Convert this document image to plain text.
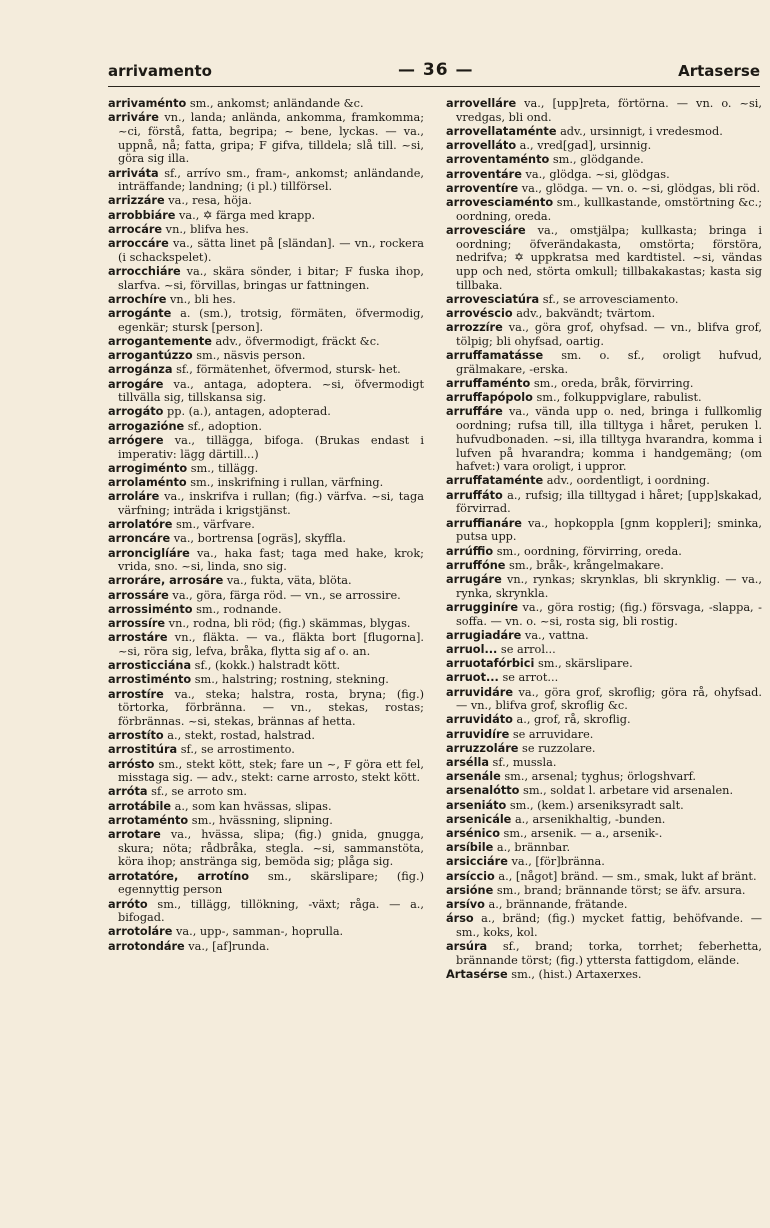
arrivamento	— 36 —	Artaserse

arrivaménto sm., ankomst; anländande &c.

arriváre vn., landa; anlända, ankomma, framkomma; ~ci, förstå, fatta, begripa; ~ bene, lyckas. — va., uppnå, nå; fatta, gripa; F gifva, tilldela; slå till. ~si, göra sig illa.

arriváta sf., arrívo sm., fram-, ankomst; anländande, inträffande; landning; (i pl.) tillförsel.

arrizzáre va., resa, höja.

arrobbiáre va., ✡ färga med krapp.

arrocáre vn., blifva hes.

arroccáre va., sätta linet på [sländan]. — vn., rockera (i schackspelet).

arrocchiáre va., skära sönder, i bitar; F fuska ihop, slarfva. ~si, förvillas, bringas ur fattningen.

arrochíre vn., bli hes.

arrogánte a. (sm.), trotsig, förmäten, öfvermodig, egenkär; stursk [person].

arrogantemente adv., öfvermodigt, fräckt &c.

arrogantúzzo sm., näsvis person.

arrogánza sf., förmätenhet, öfvermod, stursk- het.

arrogáre va., antaga, adoptera. ~si, öfvermodigt tillvälla sig, tillskansa sig.

arrogáto pp. (a.), antagen, adopterad.

arrogazióne sf., adoption.

arrógere va., tillägga, bifoga. (Brukas endast i imperativ: lägg därtill...)

arrogiménto sm., tillägg.

arrolaménto sm., inskrifning i rullan, värfning.

arroláre va., inskrifva i rullan; (fig.) värfva. ~si, taga värfning; inträda i krigstjänst.

arrolatóre sm., värfvare.

arroncáre va., bortrensa [ogräs], skyffla.

arronciglíáre va., haka fast; taga med hake, krok; vrida, sno. ~si, linda, sno sig.

arroráre, arrosáre va., fukta, väta, blöta.

arrossáre va., göra, färga röd. — vn., se arrossire.

arrossiménto sm., rodnande.

arrossíre vn., rodna, bli röd; (fig.) skämmas, blygas.

arrostáre vn., fläkta. — va., fläkta bort [flugorna]. ~si, röra sig, lefva, bråka, flytta sig af o. an.

arrosticciána sf., (kokk.) halstradt kött.

arrostiménto sm., halstring; rostning, stekning.

arrostíre va., steka; halstra, rosta, bryna; (fig.) törtorka, förbränna. — vn., stekas, rostas; förbrännas. ~si, stekas, brännas af hetta.

arrostíto a., stekt, rostad, halstrad.

arrostitúra sf., se arrostimento.

arrósto sm., stekt kött, stek; fare un ~, F göra ett fel, misstaga sig. — adv., stekt: carne arrosto, stekt kött.

arróta sf., se arroto sm.

arrotábile a., som kan hvässas, slipas.

arrotaménto sm., hvässning, slipning.

arrotare va., hvässa, slipa; (fig.) gnida, gnugga, skura; nöta; rådbråka, stegla. ~si, sammanstöta, köra ihop; anstränga sig, bemöda sig; plåga sig.

arrotatóre, arrotíno sm., skärslipare; (fig.) egennyttig person

arróto sm., tillägg, tillökning, -växt; råga. — a., bifogad.

arrotoláre va., upp-, samman-, hoprulla.

arrotondáre va., [af]runda.

arrovelláre va., [upp]reta, förtörna. — vn. o. ~si, vredgas, bli ond.

arrovellataménte adv., ursinnigt, i vredesmod.

arrovelláto a., vred[gad], ursinnig.

arroventaménto sm., glödgande.

arroventáre va., glödga. ~si, glödgas.

arroventíre va., glödga. — vn. o. ~si, glödgas, bli röd.

arrovesciaménto sm., kullkastande, omstörtning &c.; oordning, oreda.

arrovesciáre va., omstjälpa; kullkasta; bringa i oordning; öfverändakasta, omstörta; förstöra, nedrifva; ✡ uppkratsa med kardtistel. ~si, vändas upp och ned, störta omkull; tillbakakastas; kasta sig tillbaka.

arrovesciatúra sf., se arrovesciamento.

arrovéscio adv., bakvändt; tvärtom.

arrozzíre va., göra grof, ohyfsad. — vn., blifva grof, tölpig; bli ohyfsad, oartig.

arruffamatásse sm. o. sf., oroligt hufvud, grälmakare, -erska.

arruffaménto sm., oreda, bråk, förvirring.

arruffapópolo sm., folkuppviglare, rabulist.

arruffáre va., vända upp o. ned, bringa i fullkomlig oordning; rufsa till, illa tilltyga i håret, peruken l. hufvudbonaden. ~si, illa tilltyga hvarandra, komma i lufven på hvarandra; komma i handgemäng; (om hafvet:) vara oroligt, i uppror.

arruffataménte adv., oordentligt, i oordning.

arruffáto a., rufsig; illa tilltygad i håret; [upp]skakad, förvirrad.

arruffianáre va., hopkoppla [gnm koppleri]; sminka, putsa upp.

arrúffio sm., oordning, förvirring, oreda.

arruffóne sm., bråk-, krångelmakare.

arrugáre vn., rynkas; skrynklas, bli skrynklig. — va., rynka, skrynkla.

arrugginíre va., göra rostig; (fig.) försvaga, -slappa, -soffa. — vn. o. ~si, rosta sig, bli rostig.

arrugiadáre va., vattna.

arruol... se arrol...

arruotafórbici sm., skärslipare.

arruot... se arrot...

arruvidáre va., göra grof, skroflig; göra rå, ohyfsad. — vn., blifva grof, skroflig &c.

arruvidáto a., grof, rå, skroflig.

arruvidíre se arruvidare.

arruzzoláre se ruzzolare.

arsélla sf., mussla.

arsenále sm., arsenal; tyghus; örlogshvarf.

arsenalótto sm., soldat l. arbetare vid arsenalen.

arseniáto sm., (kem.) arseniksyradt salt.

arsenicále a., arsenikhaltig, -bunden.

arsénico sm., arsenik. — a., arsenik-.

arsíbile a., brännbar.

arsicciáre va., [för]bränna.

arsíccio a., [något] bränd. — sm., smak, lukt af bränt.

arsióne sm., brand; brännande törst; se äfv. arsura.

arsívo a., brännande, frätande.

árso a., bränd; (fig.) mycket fattig, behöfvande. — sm., koks, kol.

arsúra sf., brand; torka, torrhet; feberhetta, brännande törst; (fig.) yttersta fattigdom, elände.

Artasérse sm., (hist.) Artaxerxes.
